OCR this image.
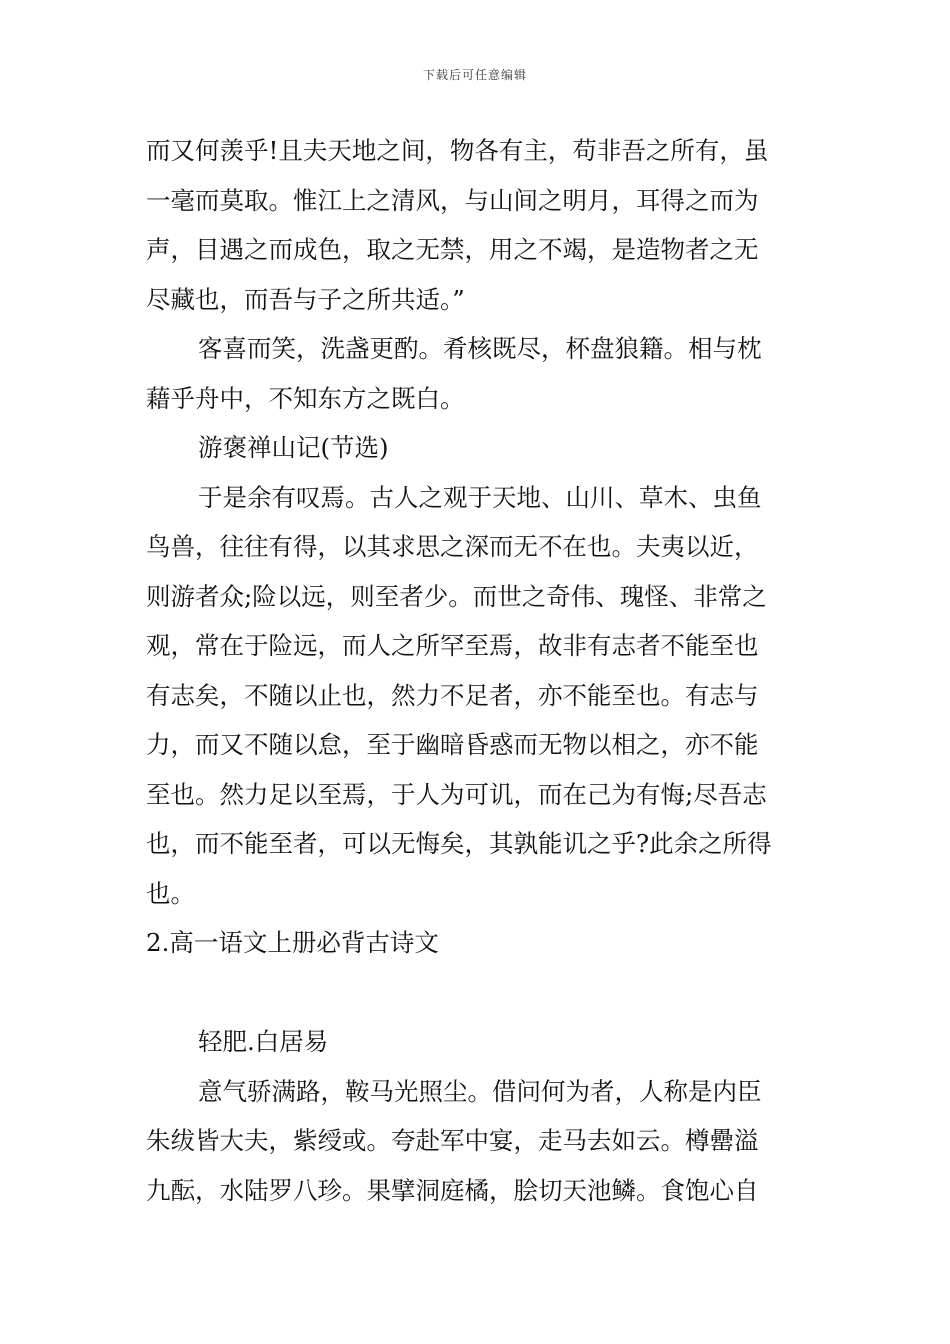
下载后可任意编辑
而又何羡乎!且夫天地之间，物各有主，苟非吾之所有，虽
一毫而莫取。惟江上之清风，与山间之明月，耳得之而为
声，目遇之而成色，取之无禁，用之不竭，是造物者之无
尽藏也，而吾与子之所共适。”
客喜而笑，洗盏更酌。肴核既尽，杯盘狼籍。相与枕
藉乎舟中，不知东方之既白。
游褒禅山记(节选)
于是余有叹焉。古人之观于天地、山川、草木、虫鱼
鸟兽，往往有得，以其求思之深而无不在也。夫夷以近，
则游者众;险以远，则至者少。而世之奇伟、瑰怪、非常之
观，常在于险远，而人之所罕至焉，故非有志者不能至也
有志矣，不随以止也，然力不足者，亦不能至也。有志与
力，而又不随以怠，至于幽暗昏惑而无物以相之，亦不能
至也。然力足以至焉，于人为可讥，而在己为有悔;尽吾志
也，而不能至者，可以无悔矣，其孰能讥之乎?此余之所得
也。
2.高一语文上册必背古诗文
轻肥.白居易
意气骄满路，鞍马光照尘。借问何为者，人称是内臣
朱绂皆大夫，紫绶或。夸赴军中宴，走马去如云。樽罍溢
九酝，水陆罗八珍。果擘洞庭橘，脍切天池鳞。食饱心自
